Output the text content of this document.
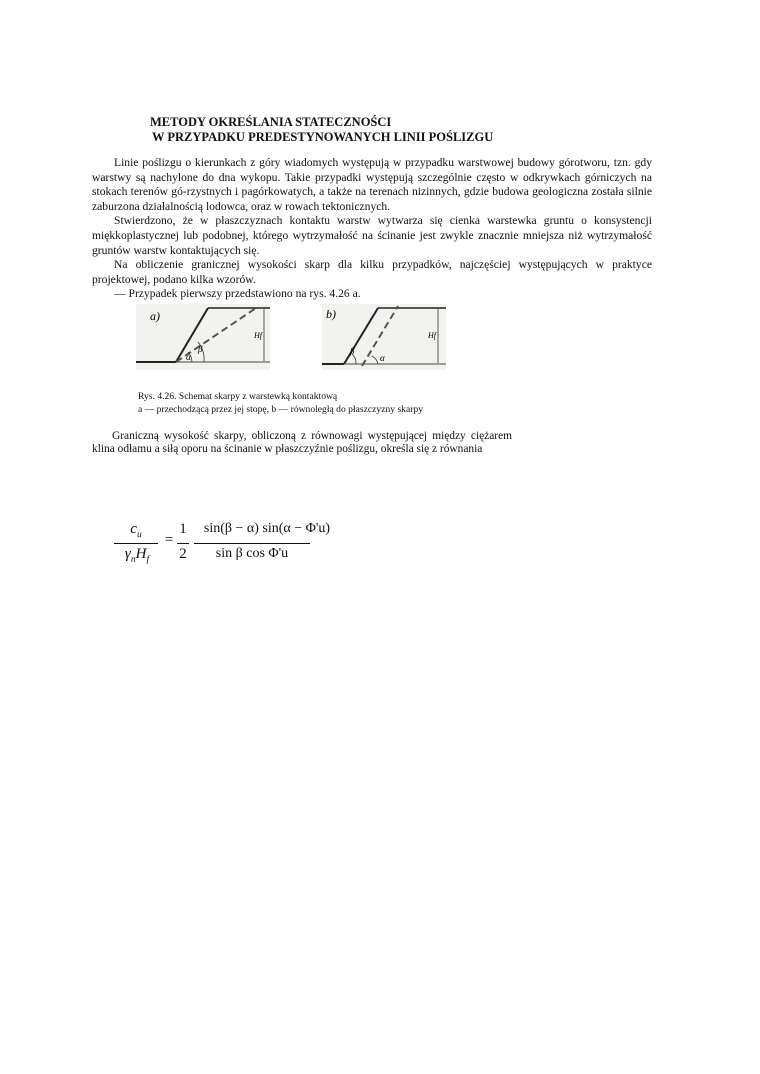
METODY OKREŚLANIA STATECZNOŚCI
W PRZYPADKU PREDESTYNOWANYCH LINII POŚLIZGU

Linie poślizgu o kierunkach z góry wiadomych występują w przypadku warstwowej budowy górotworu, tzn. gdy warstwy są nachylone do dna wykopu. Takie przypadki występują szczególnie często w odkrywkach górniczych na stokach terenów gó-rzystnych i pagórkowatych, a także na terenach nizinnych, gdzie budowa geologiczna została silnie zaburzona działalnością lodowca, oraz w rowach tektonicznych.

Stwierdzono, że w płaszczyznach kontaktu warstw wytwarza się cienka warstewka gruntu o konsystencji miękkoplastycznej lub podobnej, którego wytrzymałość na ścinanie jest zwykle znacznie mniejsza niż wytrzymałość gruntów warstw kontaktujących się.

Na obliczenie granicznej wysokości skarp dla kilku przypadków, najczęściej występujących w praktyce projektowej, podano kilka wzorów.

— Przypadek pierwszy przedstawiono na rys. 4.26 a.

a)
β
α
Hf
b)
β
α
Hf
Rys. 4.26. Schemat skarpy z warstewką kontaktową
a — przechodzącą przez jej stopę, b — równoległą do płaszczyzny skarpy

Graniczną wysokość skarpy, obliczoną z równowagi występującej między ciężarem klina odłamu a siłą oporu na ścinanie w płaszczyźnie poślizgu, określa się z równania

$c_u$
$\gamma_nH_f$
=
1
2
sin(β − α) sin(α − Φ'u)
sin β cos Φ'u
